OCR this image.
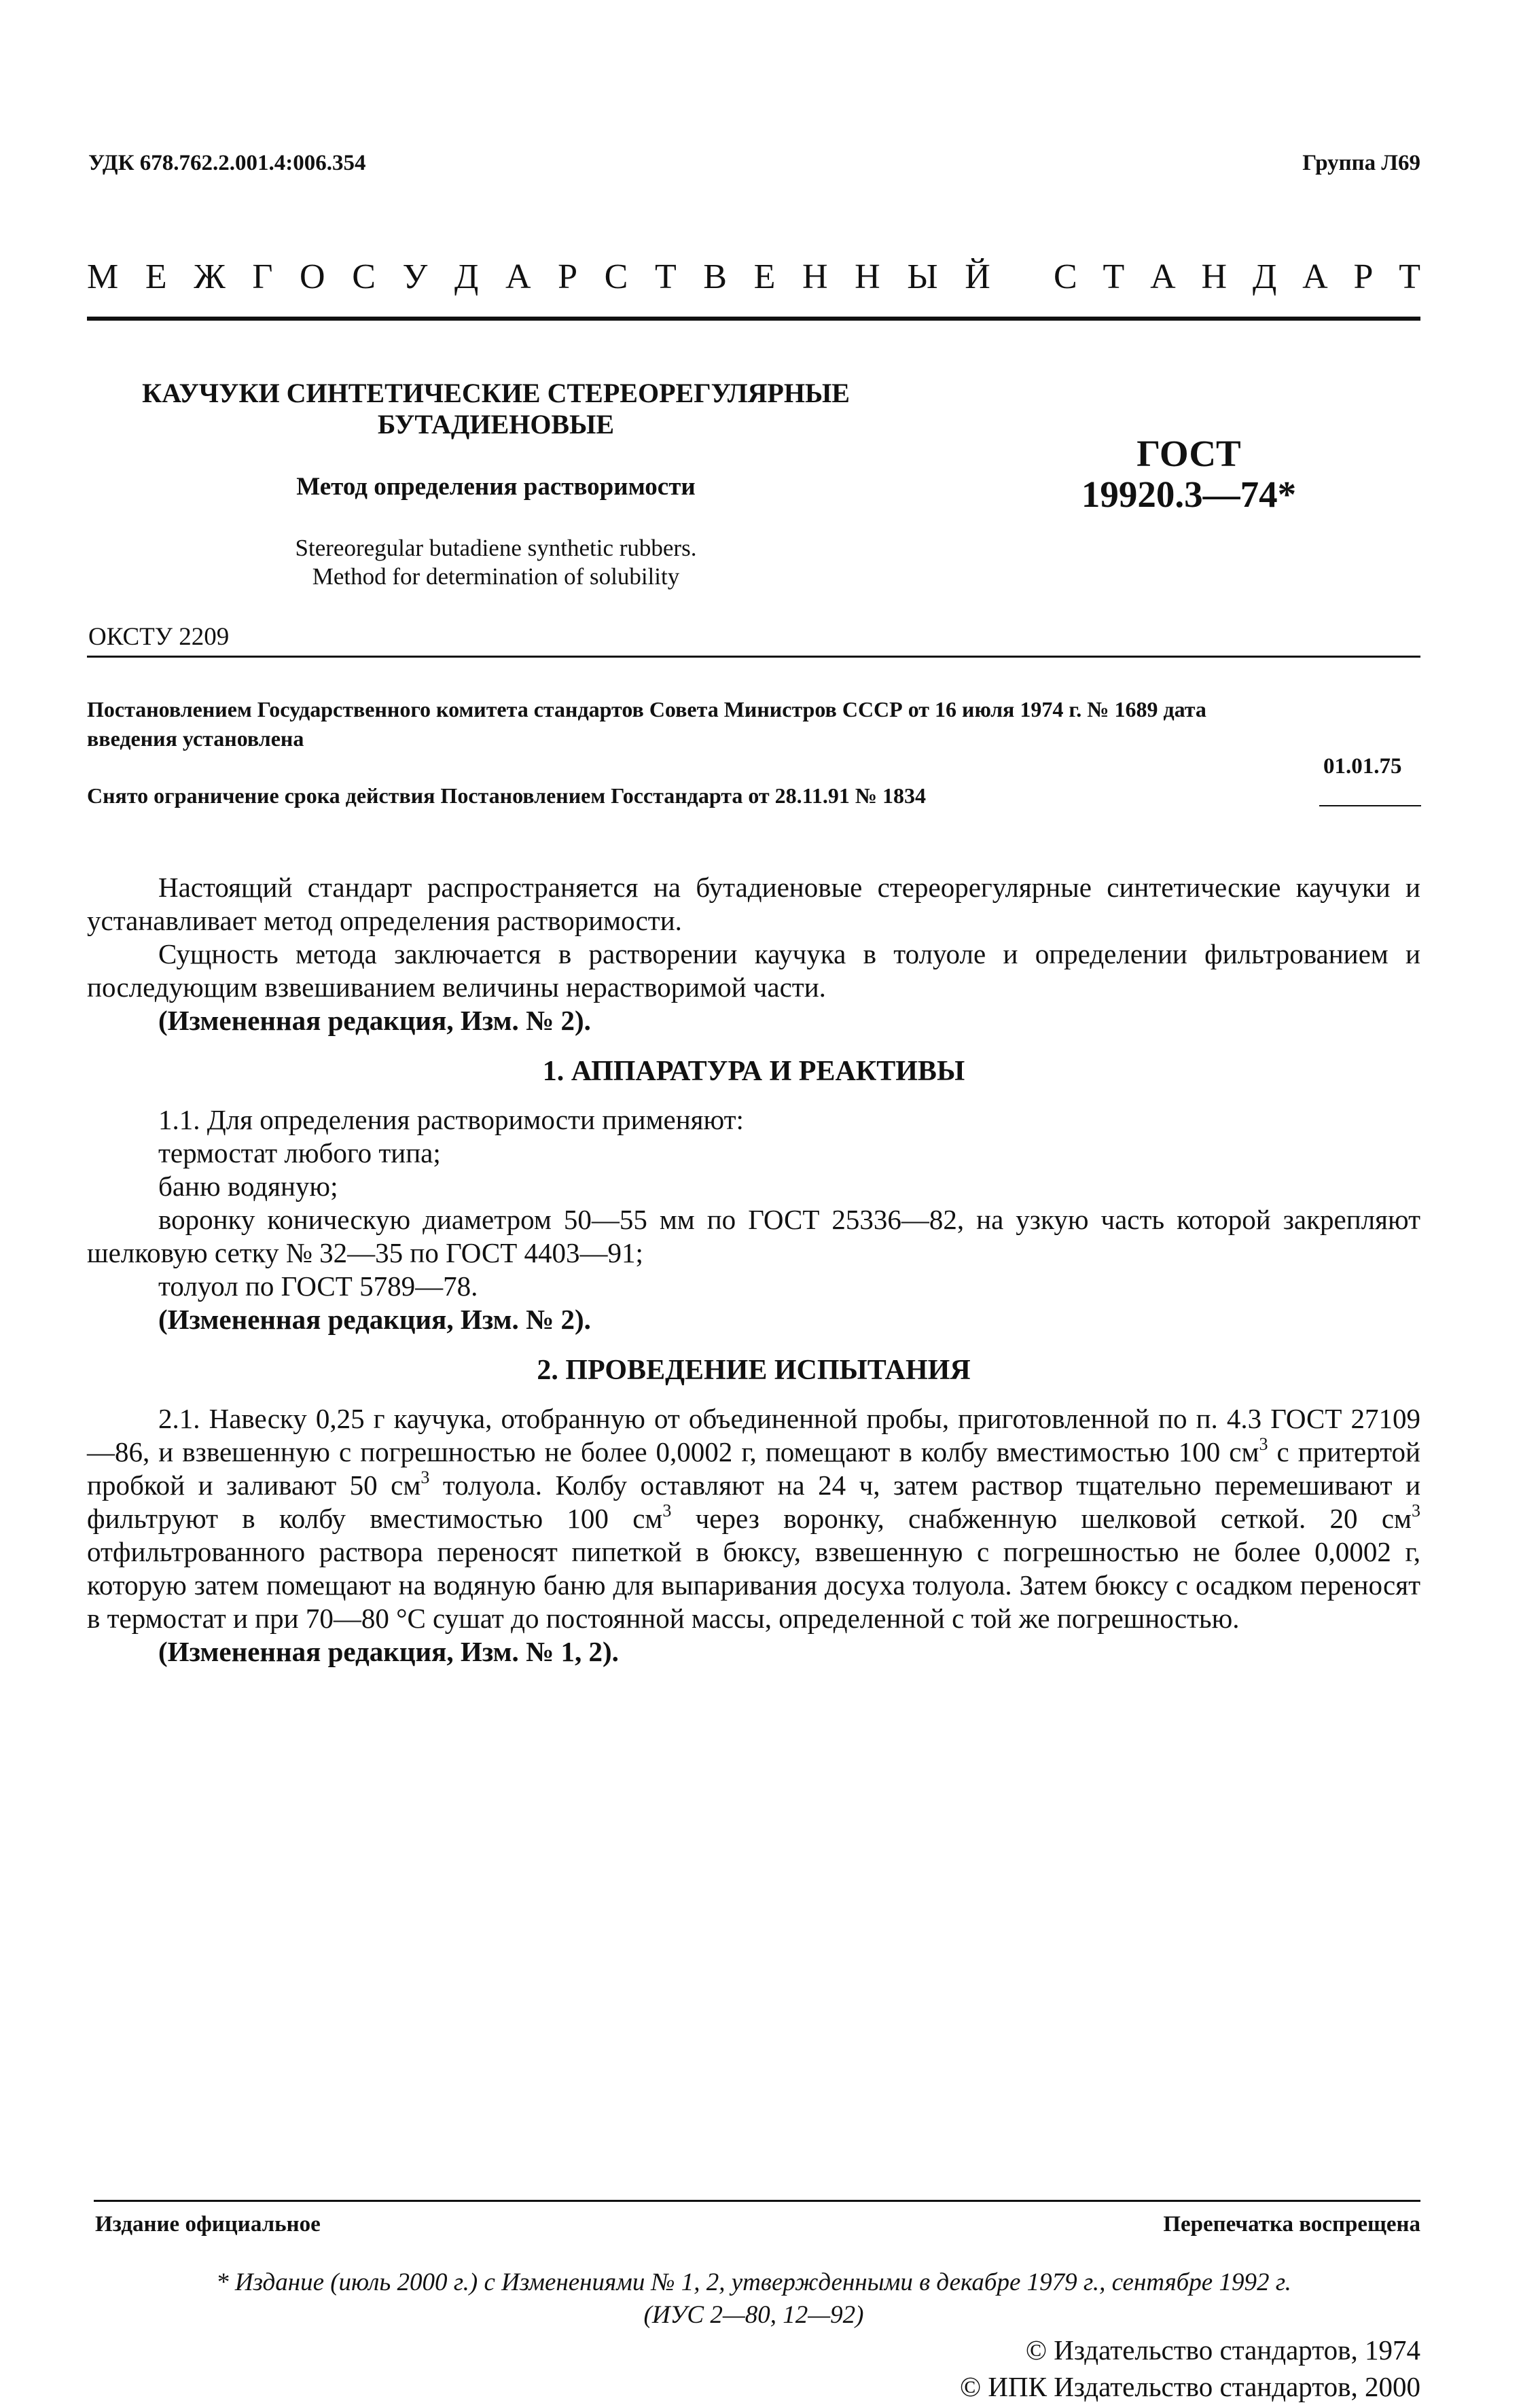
УДК 678.762.2.001.4:006.354	Группа Л69
М Е Ж Г О С У Д А Р С Т В Е Н Н Ы Й С Т А Н Д А Р Т
КАУЧУКИ СИНТЕТИЧЕСКИЕ СТЕРЕОРЕГУЛЯРНЫЕ
БУТАДИЕНОВЫЕ
Метод определения растворимости
Stereoregular butadiene synthetic rubbers.
Method for determination of solubility
ГОСТ
19920.3—74*
ОКСТУ 2209
Постановлением Государственного комитета стандартов Совета Министров СССР от 16 июля 1974 г. № 1689 дата
введения установлена
01.01.75
Снято ограничение срока действия Постановлением Госстандарта от 28.11.91 № 1834

Настоящий стандарт распространяется на бутадиеновые стереорегулярные синтетические каучуки и устанавливает метод определения растворимости.

Сущность метода заключается в растворении каучука в толуоле и определении фильтрованием и последующим взвешиванием величины нерастворимой части.

(Измененная редакция, Изм. № 2).

1. АППАРАТУРА И РЕАКТИВЫ

1.1. Для определения растворимости применяют:

термостат любого типа;

баню водяную;

воронку коническую диаметром 50—55 мм по ГОСТ 25336—82, на узкую часть которой закрепляют шелковую сетку № 32—35 по ГОСТ 4403—91;

толуол по ГОСТ 5789—78.

(Измененная редакция, Изм. № 2).

2. ПРОВЕДЕНИЕ ИСПЫТАНИЯ

2.1. Навеску 0,25 г каучука, отобранную от объединенной пробы, приготовленной по п. 4.3 ГОСТ 27109—86, и взвешенную с погрешностью не более 0,0002 г, помещают в колбу вместимостью 100 $см^3$ с притертой пробкой и заливают 50 $см^3$ толуола. Колбу оставляют на 24 ч, затем раствор тщательно перемешивают и фильтруют в колбу вместимостью 100 $см^3$ через воронку, снабженную шелковой сеткой. 20 $см^3$ отфильтрованного раствора переносят пипеткой в бюксу, взвешенную с погрешностью не более 0,0002 г, которую затем помещают на водяную баню для выпаривания досуха толуола. Затем бюксу с осадком переносят в термостат и при 70—80 °С сушат до постоянной массы, определенной с той же погрешностью.

(Измененная редакция, Изм. № 1, 2).

Издание официальное	Перепечатка воспрещена
* Издание (июль 2000 г.) с Изменениями № 1, 2, утвержденными в декабре 1979 г., сентябре 1992 г.
(ИУС 2—80, 12—92)
© Издательство стандартов, 1974
© ИПК Издательство стандартов, 2000
